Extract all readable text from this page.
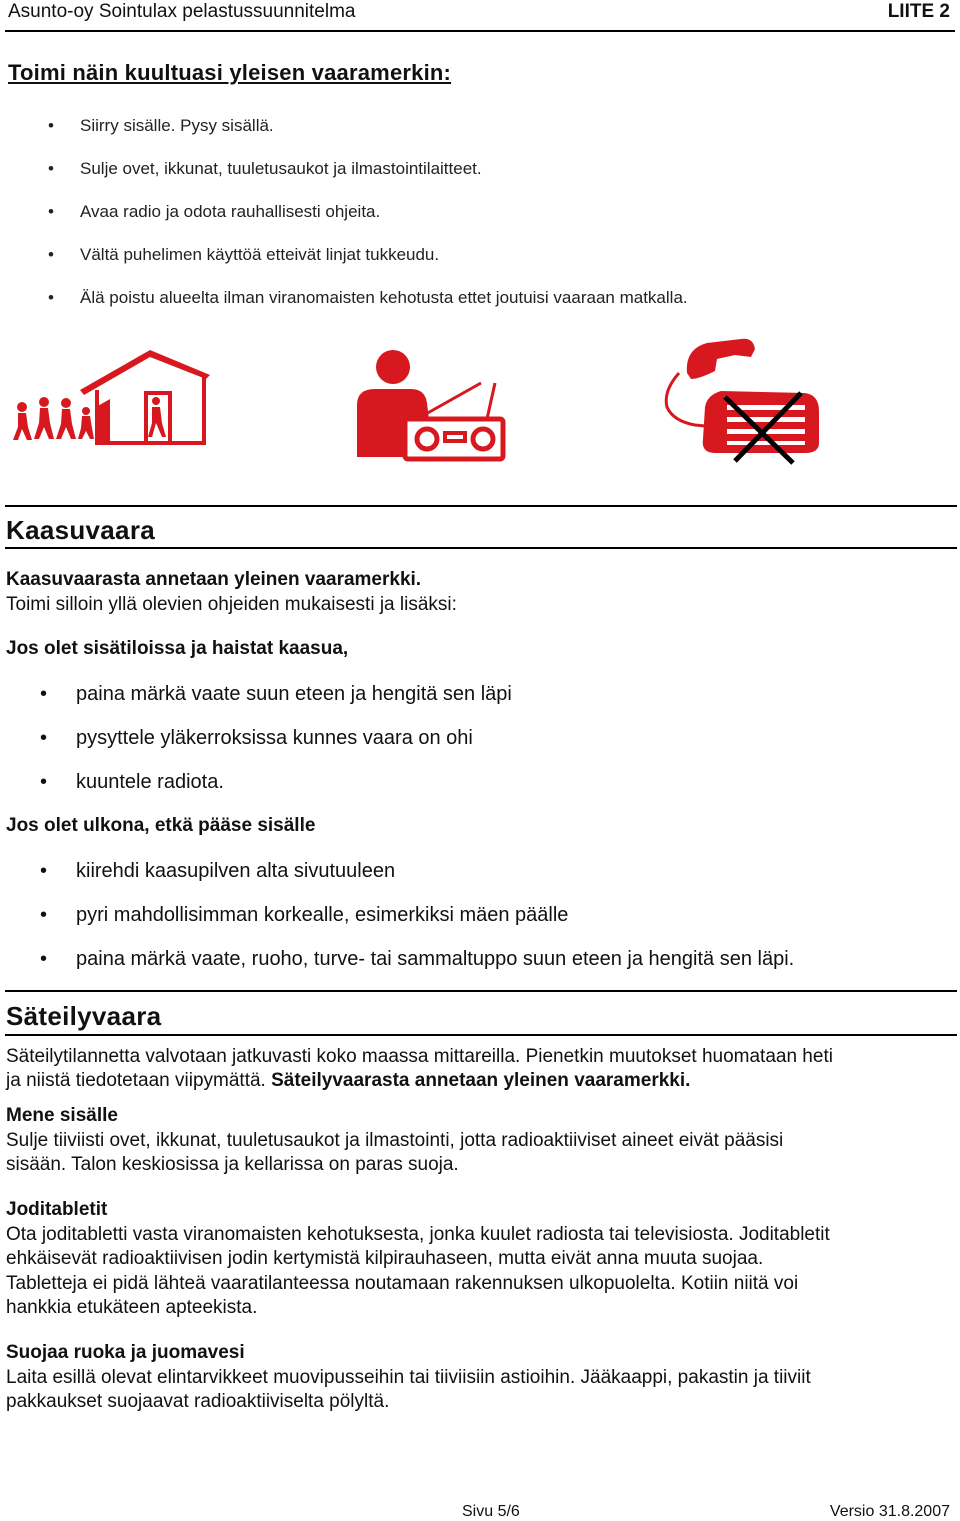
Asunto-oy Sointulax pelastussuunnitelma	LIITE 2
Toimi näin kuultuasi yleisen vaaramerkin:
• Siirry sisälle. Pysy sisällä.
• Sulje ovet, ikkunat, tuuletusaukot ja ilmastointilaitteet.
• Avaa radio ja odota rauhallisesti ohjeita.
• Vältä puhelimen käyttöä etteivät linjat tukkeudu.
• Älä poistu alueelta ilman viranomaisten kehotusta ettet joutuisi vaaraan matkalla.
Kaasuvaara
Kaasuvaarasta annetaan yleinen vaaramerkki.
Toimi silloin yllä olevien ohjeiden mukaisesti ja lisäksi:
Jos olet sisätiloissa ja haistat kaasua,
• paina märkä vaate suun eteen ja hengitä sen läpi
• pysyttele yläkerroksissa kunnes vaara on ohi
• kuuntele radiota.
Jos olet ulkona, etkä pääse sisälle
• kiirehdi kaasupilven alta sivutuuleen
• pyri mahdollisimman korkealle, esimerkiksi mäen päälle
• paina märkä vaate, ruoho, turve- tai sammaltuppo suun eteen ja hengitä sen läpi.
Säteilyvaara
Säteilytilannetta valvotaan jatkuvasti koko maassa mittareilla. Pienetkin muutokset huomataan heti
ja niistä tiedotetaan viipymättä. Säteilyvaarasta annetaan yleinen vaaramerkki.
Mene sisälle
Sulje tiiviisti ovet, ikkunat, tuuletusaukot ja ilmastointi, jotta radioaktiiviset aineet eivät pääsisi
sisään. Talon keskiosissa ja kellarissa on paras suoja.
Joditabletit
Ota joditabletti vasta viranomaisten kehotuksesta, jonka kuulet radiosta tai televisiosta. Joditabletit
ehkäisevät radioaktiivisen jodin kertymistä kilpirauhaseen, mutta eivät anna muuta suojaa.
Tabletteja ei pidä lähteä vaaratilanteessa noutamaan rakennuksen ulkopuolelta. Kotiin niitä voi
hankkia etukäteen apteekista.
Suojaa ruoka ja juomavesi
Laita esillä olevat elintarvikkeet muovipusseihin tai tiiviisiin astioihin. Jääkaappi, pakastin ja tiiviit
pakkaukset suojaavat radioaktiiviselta pölyltä.
Sivu 5/6	Versio 31.8.2007
